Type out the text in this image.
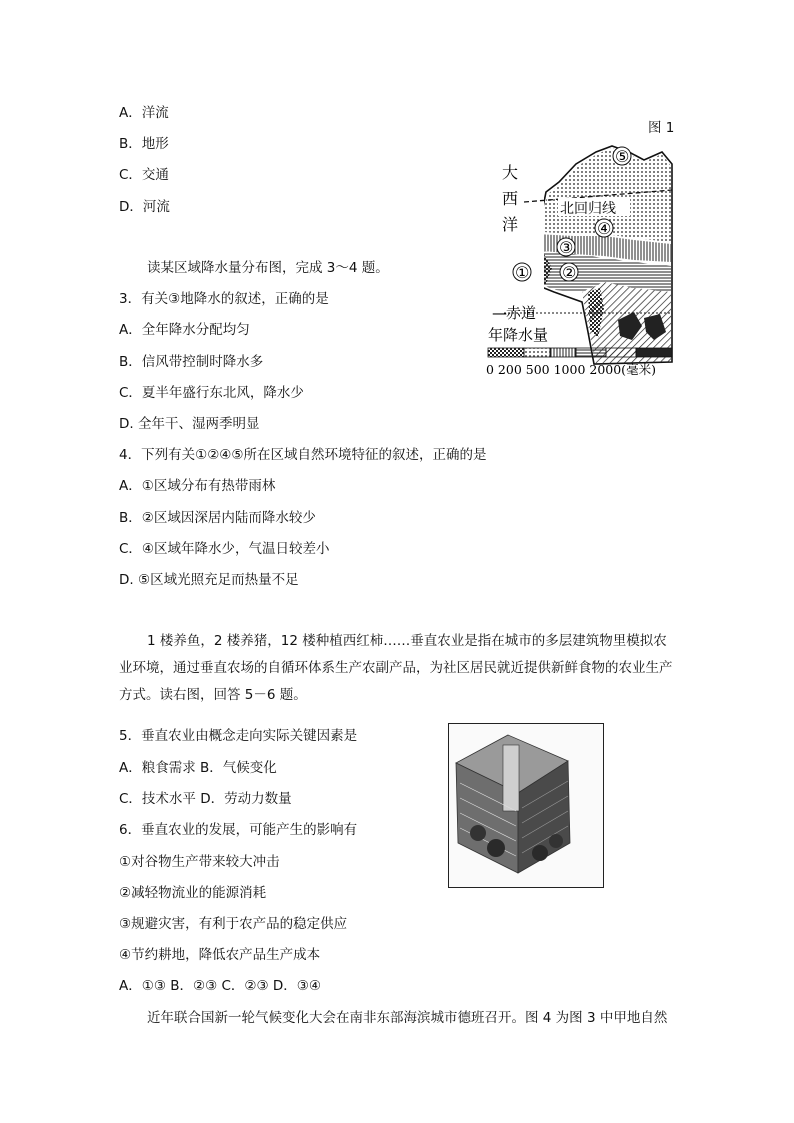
A．洋流
B．地形
C．交通
D．河流
图 1
大
西
洋
北回归线
⑤
④
③
②
①
— 赤道
年降水量
0 200 500 1000 2000(毫米)
读某区域降水量分布图，完成 3～4 题。
3．有关③地降水的叙述，正确的是
A．全年降水分配均匀
B．信风带控制时降水多
C．夏半年盛行东北风，降水少
D. 全年干、湿两季明显
4．下列有关①②④⑤所在区域自然环境特征的叙述，正确的是
A．①区域分布有热带雨林
B．②区域因深居内陆而降水较少
C．④区域年降水少，气温日较差小
D. ⑤区域光照充足而热量不足
1 楼养鱼，2 楼养猪，12 楼种植西红柿……垂直农业是指在城市的多层建筑物里模拟农业环境，通过垂直农场的自循环体系生产农副产品，为社区居民就近提供新鲜食物的农业生产方式。读右图，回答 5－6 题。
5．垂直农业由概念走向实际关键因素是
A．粮食需求 B．气候变化
C．技术水平 D．劳动力数量
6．垂直农业的发展，可能产生的影响有
①对谷物生产带来较大冲击
②减轻物流业的能源消耗
③规避灾害，有利于农产品的稳定供应
④节约耕地，降低农产品生产成本
A．①③ B．②③ C．②③ D．③④
近年联合国新一轮气候变化大会在南非东部海滨城市德班召开。图 4 为图 3 中甲地自然
